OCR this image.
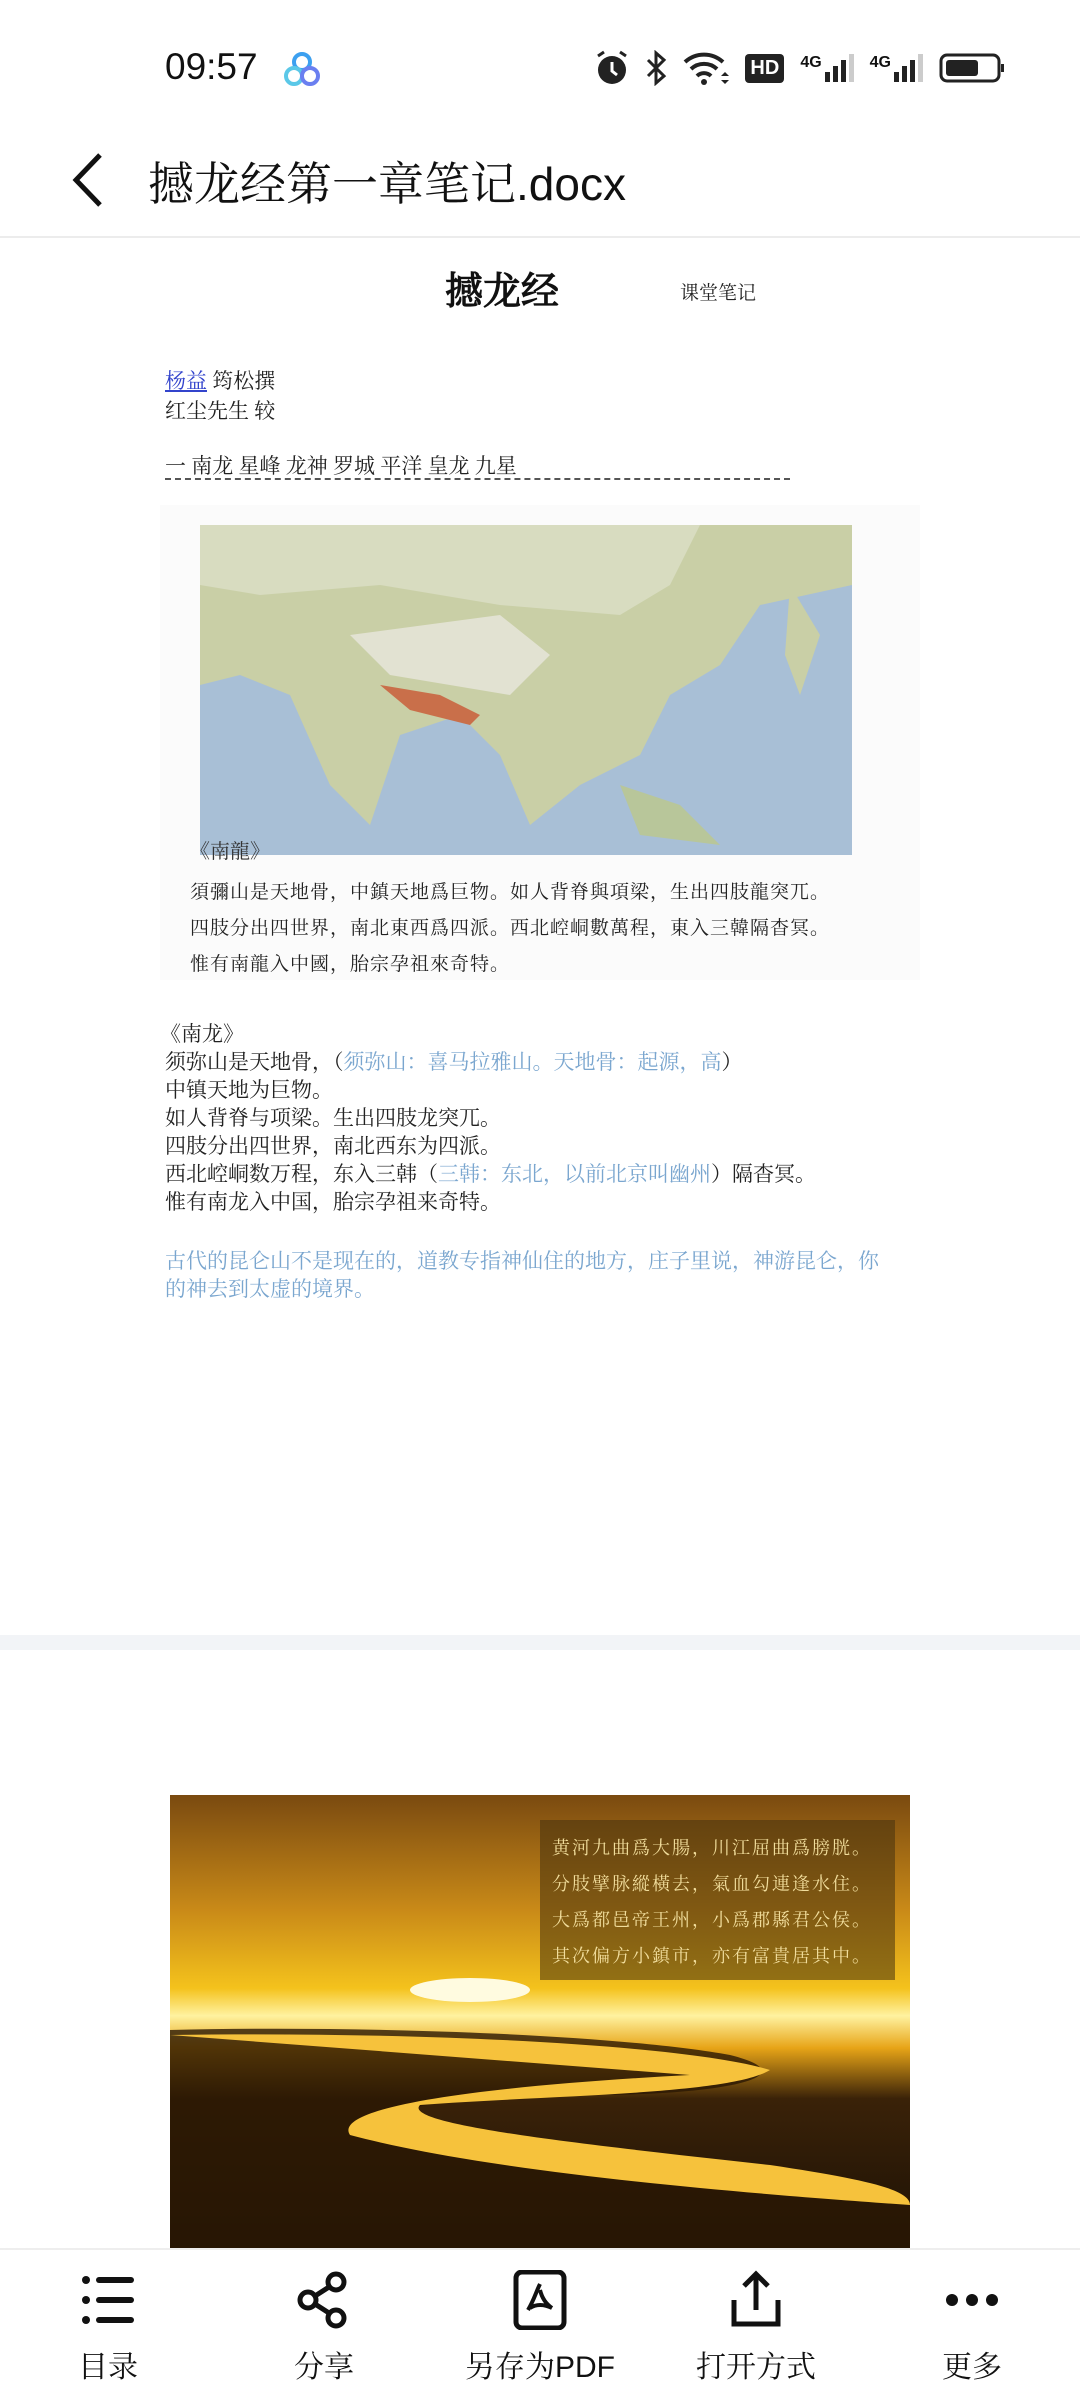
09:57	HD	4G	4G
撼龙经第一章笔记.docx
撼龙经	课堂笔记
杨益 筠松撰
红尘先生 较
一 南龙 星峰 龙神 罗城 平洋 皇龙 九星
《南龍》
須彌山是天地骨，中鎮天地爲巨物。如人背脊與項梁，生出四肢龍突兀。
四肢分出四世界，南北東西爲四派。西北崆峒數萬程，東入三韓隔杳冥。
惟有南龍入中國，胎宗孕祖來奇特。
《南龙》
须弥山是天地骨，（须弥山：喜马拉雅山。天地骨：起源，高）
中镇天地为巨物。
如人背脊与项梁。生出四肢龙突兀。
四肢分出四世界，南北西东为四派。
西北崆峒数万程，东入三韩（三韩：东北，以前北京叫幽州）隔杳冥。
惟有南龙入中国，胎宗孕祖来奇特。
古代的昆仑山不是现在的，道教专指神仙住的地方，庄子里说，神游昆仑，你
的神去到太虚的境界。
黄河九曲爲大腸，川江屈曲爲膀胱。
分肢擘脉縱橫去，氣血勾連逢水住。
大爲都邑帝王州，小爲郡縣君公侯。
其次偏方小鎮市，亦有富貴居其中。
目录	分享	另存为PDF	打开方式	更多
